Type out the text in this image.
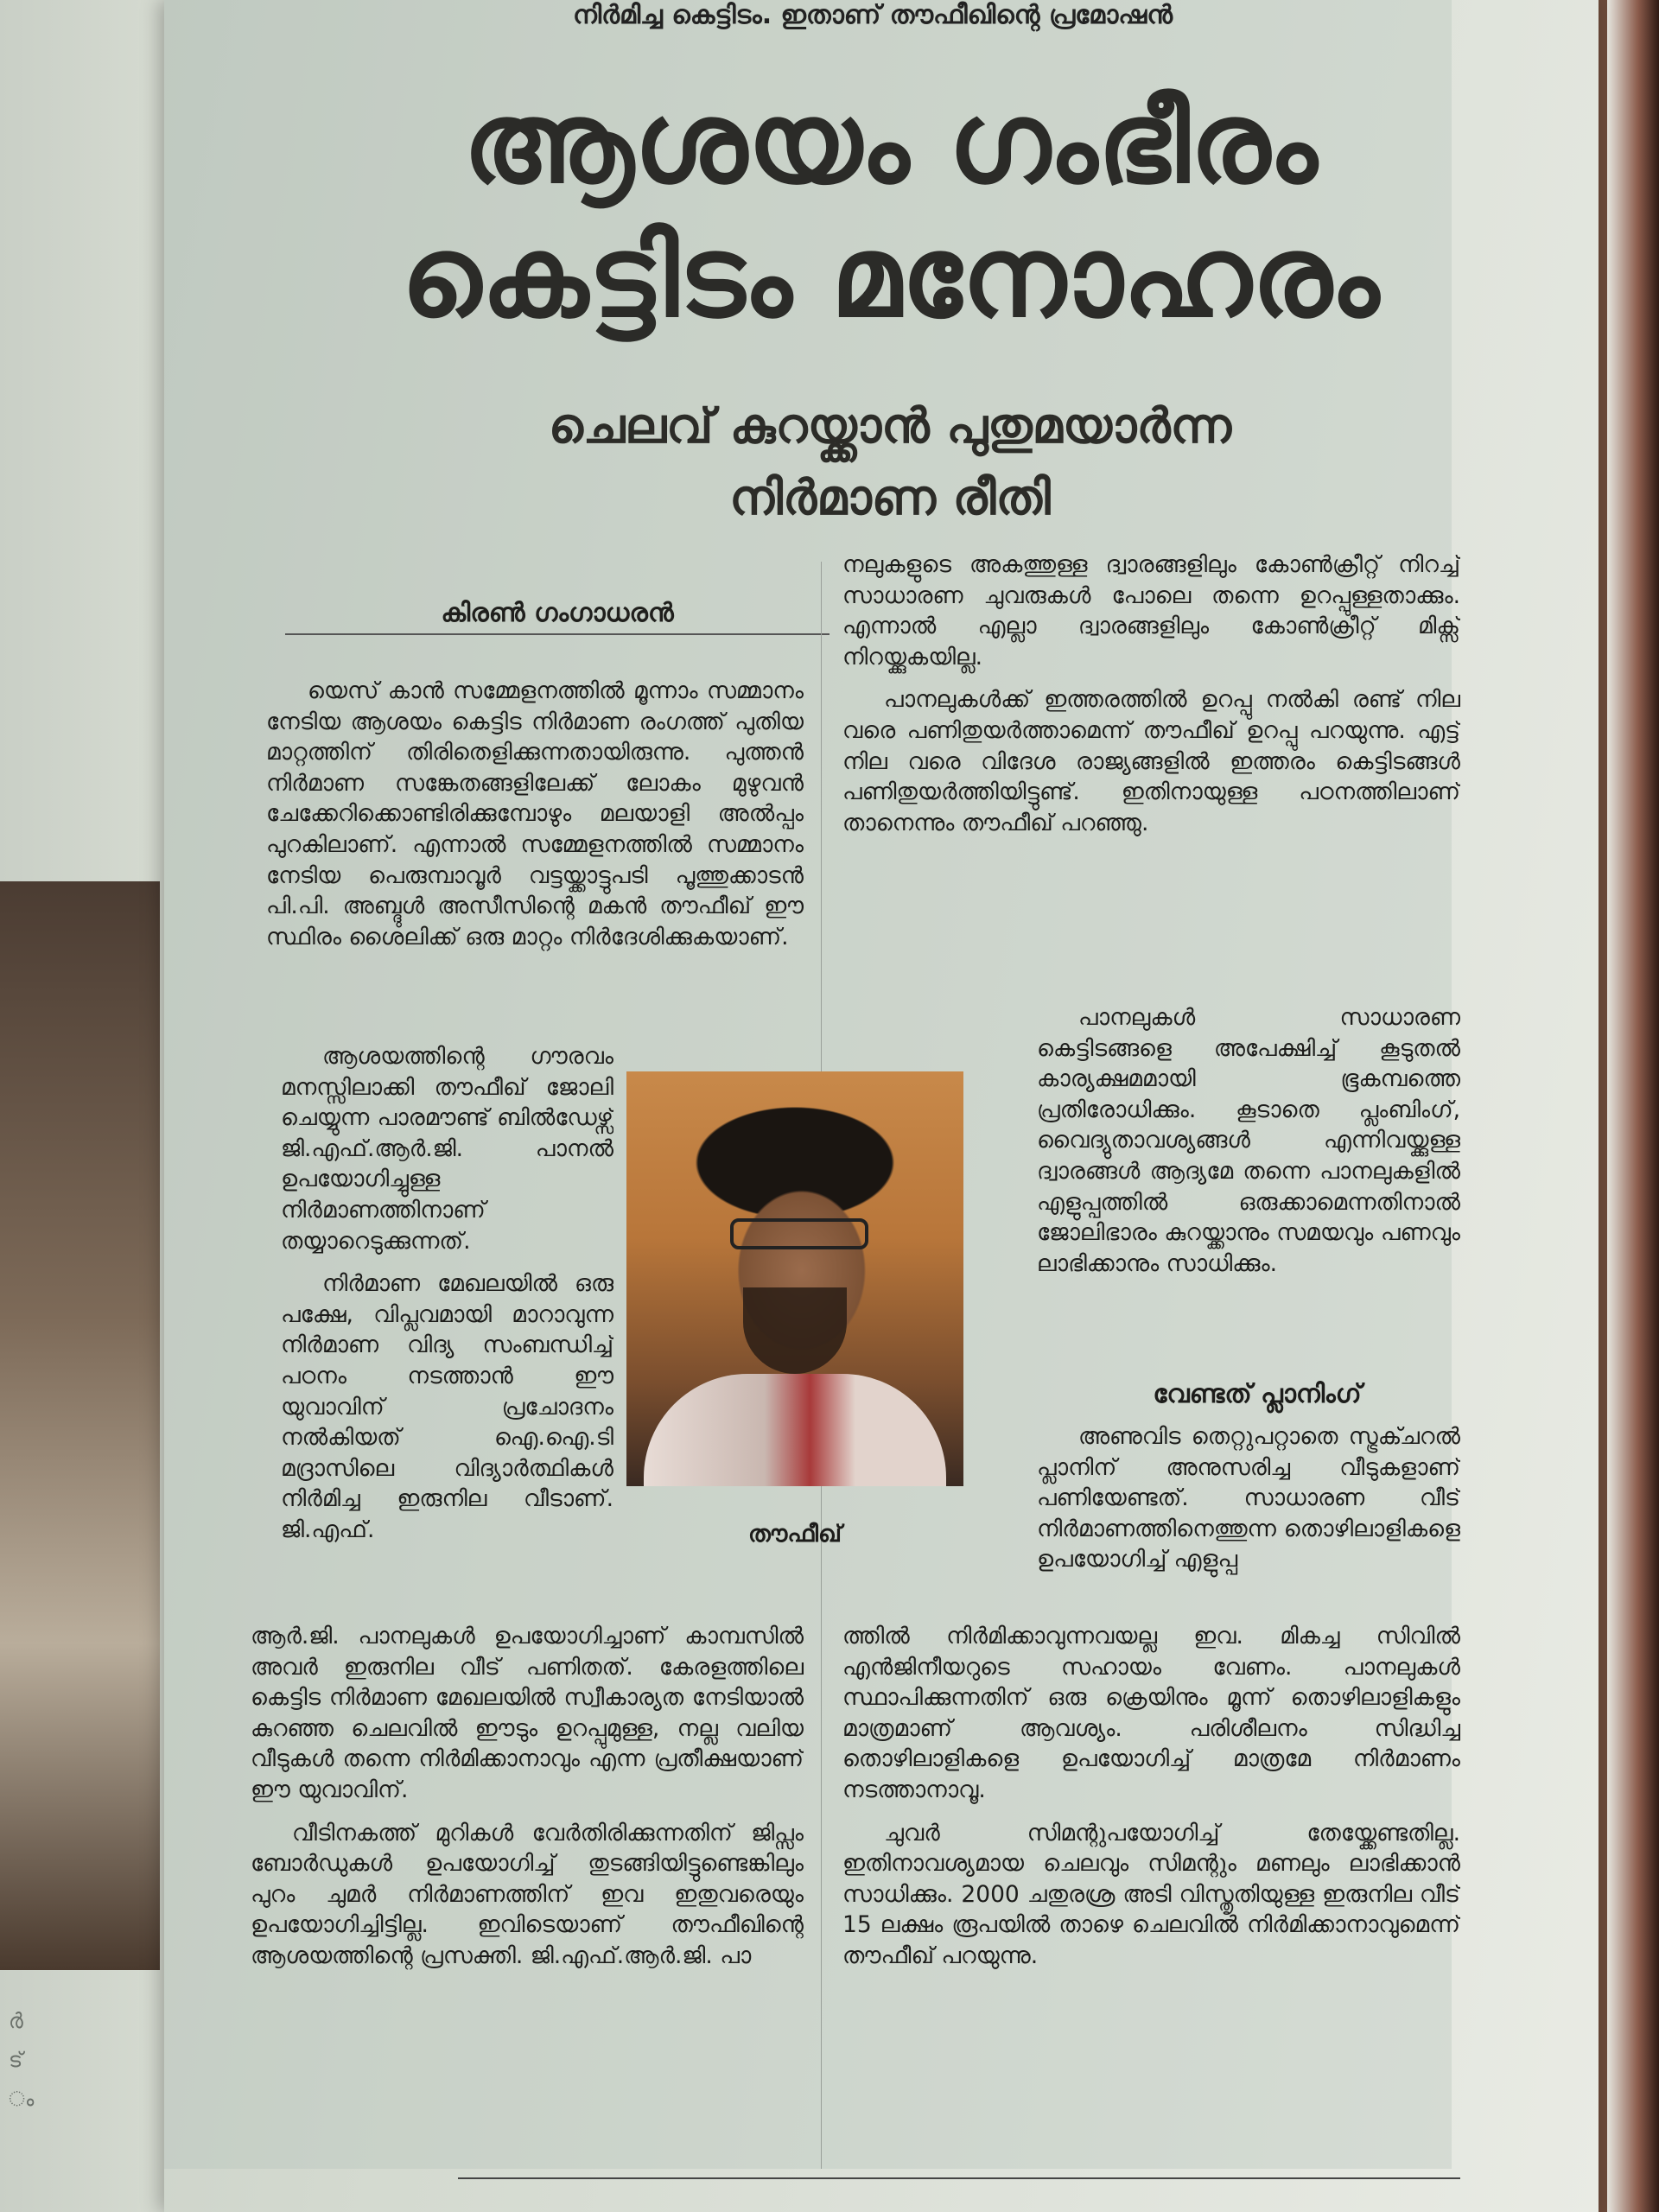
ർ
ട്
ം
നിർമിച്ച കെട്ടിടം. ഇതാണ് തൗഫീഖിന്റെ പ്രമോഷൻ
ആശയം ഗംഭീരം
കെട്ടിടം മനോഹരം
ചെലവ് കുറയ്ക്കാൻ പുതുമയാർന്ന
നിർമാണ രീതി
കിരൺ ഗംഗാധരൻ

യെസ് കാൻ സമ്മേളനത്തിൽ മൂന്നാം സമ്മാനം നേടിയ ആശയം കെട്ടിട നിർമാണ രംഗത്ത് പുതിയ മാറ്റത്തിന് തിരിതെളിക്കുന്നതായിരുന്നു. പുത്തൻ നിർമാണ സങ്കേതങ്ങളിലേക്ക് ലോകം മുഴുവൻ ചേക്കേറിക്കൊണ്ടിരിക്കുമ്പോഴും മലയാളി അൽപ്പം പുറകിലാണ്. എന്നാൽ സമ്മേളനത്തിൽ സമ്മാനം നേടിയ പെരുമ്പാവൂർ വട്ടയ്ക്കാട്ടുപടി പൂത്തുക്കാടൻ പി.പി. അബ്ദുൾ അസീസിന്റെ മകൻ തൗഫീഖ് ഈ സ്ഥിരം ശൈലിക്ക് ഒരു മാറ്റം നിർദേശിക്കുകയാണ്.

ആശയത്തിന്റെ ഗൗരവം മനസ്സിലാക്കി തൗഫീഖ് ജോലി ചെയ്യുന്ന പാരമൗണ്ട് ബിൽഡേഴ്സ് ജി.എഫ്.ആർ.ജി. പാനൽ ഉപയോഗിച്ചുള്ള നിർമാണത്തിനാണ് തയ്യാറെടുക്കുന്നത്.

നിർമാണ മേഖലയിൽ ഒരു പക്ഷേ, വിപ്ലവമായി മാറാവുന്ന നിർമാണ വിദ്യ സംബന്ധിച്ച് പഠനം നടത്താൻ ഈ യുവാവിന് പ്രചോദനം നൽകിയത് ഐ.ഐ.ടി മദ്രാസിലെ വിദ്യാർത്ഥികൾ നിർമിച്ച ഇരുനില വീടാണ്. ജി.എഫ്.	തൗഫീഖ്

ആർ.ജി. പാനലുകൾ ഉപയോഗിച്ചാണ് കാമ്പസിൽ അവർ ഇരുനില വീട് പണിതത്. കേരളത്തിലെ കെട്ടിട നിർമാണ മേഖലയിൽ സ്വീകാര്യത നേടിയാൽ കുറഞ്ഞ ചെലവിൽ ഈടും ഉറപ്പുമുള്ള, നല്ല വലിയ വീടുകൾ തന്നെ നിർമിക്കാനാവും എന്ന പ്രതീക്ഷയാണ് ഈ യുവാവിന്.

വീടിനകത്ത് മുറികൾ വേർതിരിക്കുന്നതിന് ജിപ്സം ബോർഡുകൾ ഉപയോഗിച്ച് തുടങ്ങിയിട്ടുണ്ടെങ്കിലും പുറം ചുമർ നിർമാണത്തിന് ഇവ ഇതുവരെയും ഉപയോഗിച്ചിട്ടില്ല. ഇവിടെയാണ് തൗഫീഖിന്റെ ആശയത്തിന്റെ പ്രസക്തി. ജി.എഫ്.ആർ.ജി. പാ

നലുകളുടെ അകത്തുള്ള ദ്വാരങ്ങളിലും കോൺക്രീറ്റ് നിറച്ച് സാധാരണ ചുവരുകൾ പോലെ തന്നെ ഉറപ്പുള്ളതാക്കും. എന്നാൽ എല്ലാ ദ്വാരങ്ങളിലും കോൺക്രീറ്റ് മിക്സ് നിറയ്ക്കുകയില്ല.

പാനലുകൾക്ക് ഇത്തരത്തിൽ ഉറപ്പു നൽകി രണ്ട് നില വരെ പണിതുയർത്താമെന്ന് തൗഫീഖ് ഉറപ്പു പറയുന്നു. എട്ട് നില വരെ വിദേശ രാജ്യങ്ങളിൽ ഇത്തരം കെട്ടിടങ്ങൾ പണിതുയർത്തിയിട്ടുണ്ട്. ഇതിനായുള്ള പഠനത്തിലാണ് താനെന്നും തൗഫീഖ് പറഞ്ഞു.

പാനലുകൾ സാധാരണ കെട്ടിടങ്ങളെ അപേക്ഷിച്ച് കൂടുതൽ കാര്യക്ഷമമായി ഭൂകമ്പത്തെ പ്രതിരോധിക്കും. കൂടാതെ പ്ലംബിംഗ്, വൈദ്യുതാവശ്യങ്ങൾ എന്നിവയ്ക്കുള്ള ദ്വാരങ്ങൾ ആദ്യമേ തന്നെ പാനലുകളിൽ എളുപ്പത്തിൽ ഒരുക്കാമെന്നതിനാൽ ജോലിഭാരം കുറയ്ക്കാനും സമയവും പണവും ലാഭിക്കാനും സാധിക്കും.

വേണ്ടത് പ്ലാനിംഗ്

അണുവിട തെറ്റുപറ്റാതെ സ്ട്രക്ചറൽ പ്ലാനിന് അനുസരിച്ച വീടുകളാണ് പണിയേണ്ടത്. സാധാരണ വീട് നിർമാണത്തിനെത്തുന്ന തൊഴിലാളികളെ ഉപയോഗിച്ച് എളുപ്പ

ത്തിൽ നിർമിക്കാവുന്നവയല്ല ഇവ. മികച്ച സിവിൽ എൻജിനീയറുടെ സഹായം വേണം. പാനലുകൾ സ്ഥാപിക്കുന്നതിന് ഒരു ക്രെയിനും മൂന്ന് തൊഴിലാളികളും മാത്രമാണ് ആവശ്യം. പരിശീലനം സിദ്ധിച്ച തൊഴിലാളികളെ ഉപയോഗിച്ച് മാത്രമേ നിർമാണം നടത്താനാവൂ.

ചുവർ സിമന്റുപയോഗിച്ച് തേയ്ക്കേണ്ടതില്ല. ഇതിനാവശ്യമായ ചെലവും സിമന്റും മണലും ലാഭിക്കാൻ സാധിക്കും. 2000 ചതുരശ്ര അടി വിസ്തൃതിയുള്ള ഇരുനില വീട് 15 ലക്ഷം രൂപയിൽ താഴെ ചെലവിൽ നിർമിക്കാനാവുമെന്ന് തൗഫീഖ് പറയുന്നു.
